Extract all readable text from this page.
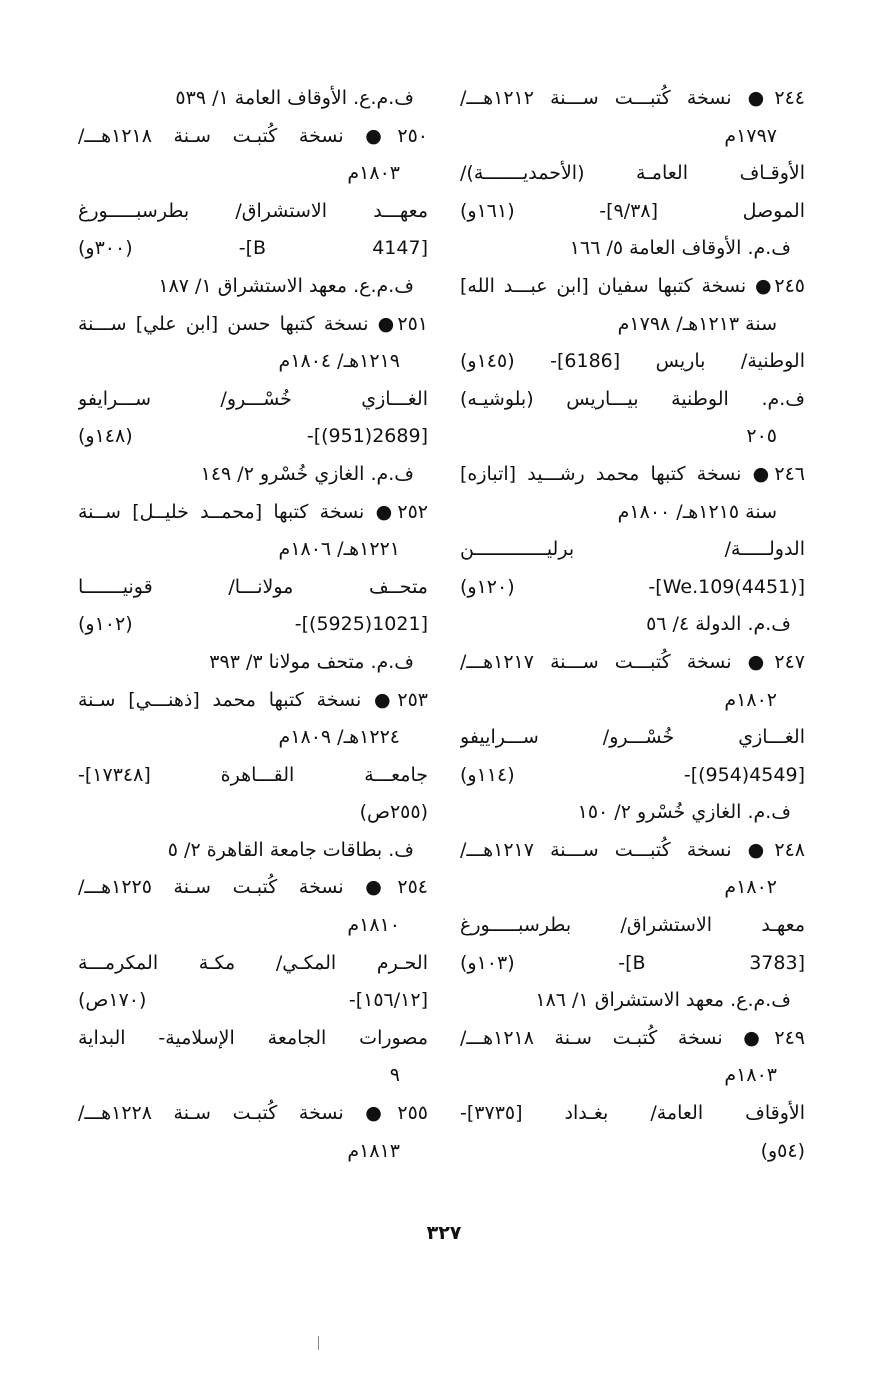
٢٤٤● نسخة كُتبـــت ســـنة ١٢١٢هـــ/
١٧٩٧م
الأوقـاف العامـة (الأحمديـــــــة)/
الموصل [٩/٣٨]- (١٦١و)
ف.م. الأوقاف العامة ٥/ ١٦٦
٢٤٥● نسخة كتبها سفيان [ابن عبـــد الله]
سنة ١٢١٣هـ/ ١٧٩٨م
الوطنية/ باريس [6186]- (١٤٥و)
ف.م. الوطنية بيـــاريس (بلوشيـه)
٢٠٥
٢٤٦● نسخة كتبها محمد رشـــيد [اتبازه]
سنة ١٢١٥هـ/ ١٨٠٠م
الدولـــــة/ برليـــــــــــــن
[We.109(4451)]- (١٢٠و)
ف.م. الدولة ٤/ ٥٦
٢٤٧● نسخة كُتبـــت ســـنة ١٢١٧هـــ/
١٨٠٢م
الغـــازي خُسْـــرو/ ســـراييفو
[4549(954)]- (١١٤و)
ف.م. الغازي خُسْرو ٢/ ١٥٠
٢٤٨● نسخة كُتبـــت ســـنة ١٢١٧هـــ/
١٨٠٢م
معهـد الاستشراق/ بطرسبـــــورغ
[B 3783]- (١٠٣و)
ف.م.ع. معهد الاستشراق ١/ ١٨٦
٢٤٩● نسخة كُتبـت سـنة ١٢١٨هـــ/
١٨٠٣م
الأوقاف العامة/ بغـداد [٣٧٣٥]-
(٥٤و)
ف.م.ع. الأوقاف العامة ١/ ٥٣٩
٢٥٠● نسخة كُتبـت سـنة ١٢١٨هـــ/
١٨٠٣م
معهـــد الاستشراق/ بطرسبـــــورغ
[B 4147]- (٣٠٠و)
ف.م.ع. معهد الاستشراق ١/ ١٨٧
٢٥١● نسخة كتبها حسن [ابن علي] ســـنة
١٢١٩هـ/ ١٨٠٤م
الغـــازي خُسْـــرو/ ســـرايفو
[2689(951)]- (١٤٨و)
ف.م. الغازي خُسْرو ٢/ ١٤٩
٢٥٢● نسخة كتبها [محمــد خليــل] ســنة
١٢٢١هـ/ ١٨٠٦م
متحــف مولانـــا/ قونيـــــــا
[1021(5925)]- (١٠٢و)
ف.م. متحف مولانا ٣/ ٣٩٣
٢٥٣● نسخة كتبها محمد [ذهنـــي] سـنة
١٢٢٤هـ/ ١٨٠٩م
جامعـــة القـــاهرة [١٧٣٤٨]-
(٢٥٥ص)
ف. بطاقات جامعة القاهرة ٢/ ٥
٢٥٤● نسخة كُتبـت سـنة ١٢٢٥هـــ/
١٨١٠م
الحـرم المكـي/ مكـة المكرمـــة
[١٥٦/١٢]- (١٧٠ص)
مصورات الجامعة الإسلامية- البداية
٩
٢٥٥● نسخة كُتبـت سـنة ١٢٢٨هـــ/
١٨١٣م
٣٢٧
